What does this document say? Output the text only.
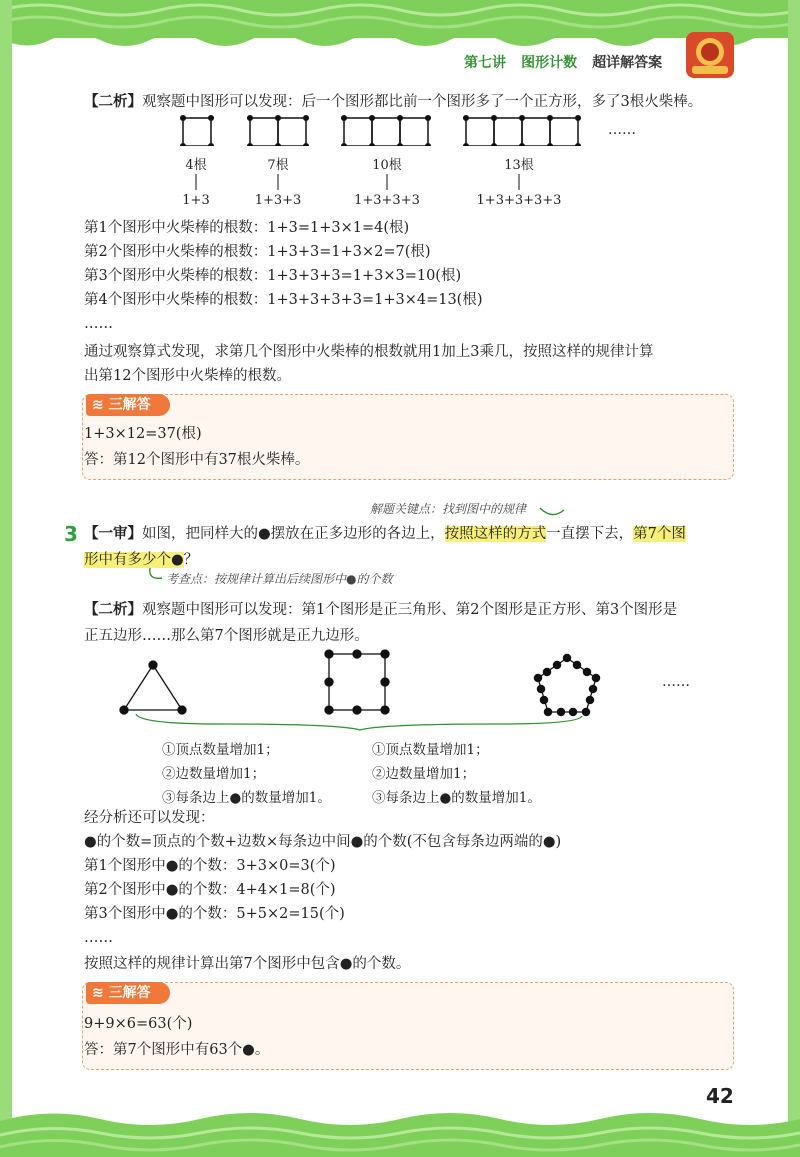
第七讲 图形计数 超详解答案
【二析】观察题中图形可以发现：后一个图形都比前一个图形多了一个正方形，多了3根火柴棒。
……
4根	7根	10根	13根
1+3	1+3+3	1+3+3+3	1+3+3+3+3
第1个图形中火柴棒的根数：1+3=1+3×1=4(根)
第2个图形中火柴棒的根数：1+3+3=1+3×2=7(根)
第3个图形中火柴棒的根数：1+3+3+3=1+3×3=10(根)
第4个图形中火柴棒的根数：1+3+3+3+3=1+3×4=13(根)
……
通过观察算式发现，求第几个图形中火柴棒的根数就用1加上3乘几，按照这样的规律计算
出第12个图形中火柴棒的根数。
≋ 三解答
1+3×12=37(根)
答：第12个图形中有37根火柴棒。
解题关键点：找到图中的规律
3 【一审】如图，把同样大的●摆放在正多边形的各边上，按照这样的方式一直摆下去，第7个图
形中有多少个●？
考查点：按规律计算出后续图形中●的个数
【二析】观察题中图形可以发现：第1个图形是正三角形、第2个图形是正方形、第3个图形是
正五边形……那么第7个图形就是正九边形。
……
①顶点数量增加1；
②边数量增加1；
③每条边上●的数量增加1。
①顶点数量增加1；
②边数量增加1；
③每条边上●的数量增加1。
经分析还可以发现：
●的个数=顶点的个数+边数×每条边中间●的个数(不包含每条边两端的●)
第1个图形中●的个数：3+3×0=3(个)
第2个图形中●的个数：4+4×1=8(个)
第3个图形中●的个数：5+5×2=15(个)
……
按照这样的规律计算出第7个图形中包含●的个数。
≋ 三解答
9+9×6=63(个)
答：第7个图形中有63个●。
42
